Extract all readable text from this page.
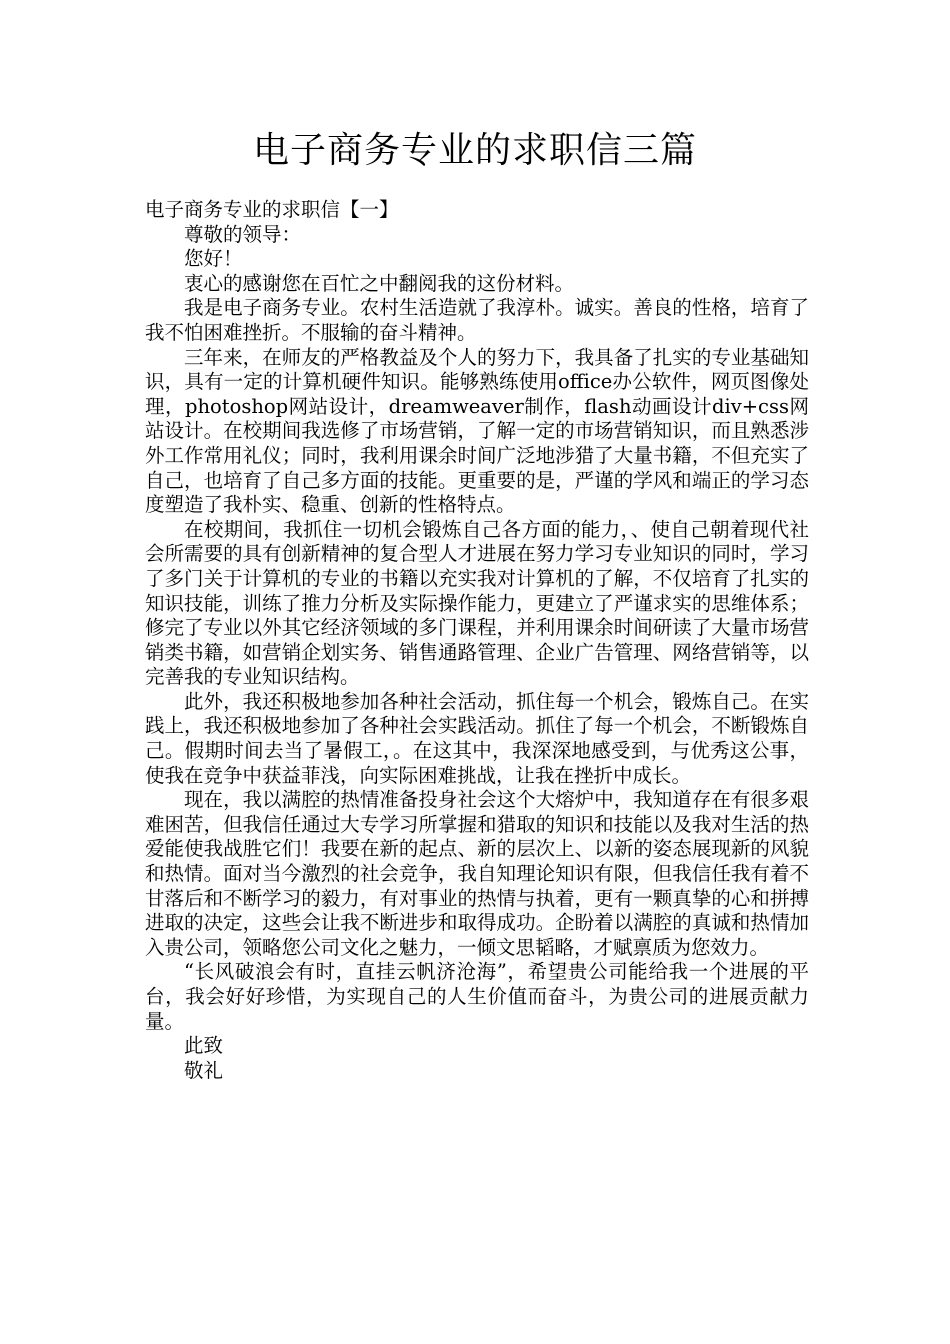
电子商务专业的求职信三篇

电子商务专业的求职信【一】

尊敬的领导：

您好！

衷心的感谢您在百忙之中翻阅我的这份材料。

我是电子商务专业。农村生活造就了我淳朴。诚实。善良的性格，培育了我不怕困难挫折。不服输的奋斗精神。

三年来，在师友的严格教益及个人的努力下，我具备了扎实的专业基础知识，具有一定的计算机硬件知识。能够熟练使用office办公软件，网页图像处理，photoshop网站设计，dreamweaver制作，flash动画设计div+css网站设计。在校期间我选修了市场营销，了解一定的市场营销知识，而且熟悉涉外工作常用礼仪；同时，我利用课余时间广泛地涉猎了大量书籍，不但充实了自己，也培育了自己多方面的技能。更重要的是，严谨的学风和端正的学习态度塑造了我朴实、稳重、创新的性格特点。

在校期间，我抓住一切机会锻炼自己各方面的能力，、使自己朝着现代社会所需要的具有创新精神的复合型人才进展在努力学习专业知识的同时，学习了多门关于计算机的专业的书籍以充实我对计算机的了解，不仅培育了扎实的知识技能，训练了推力分析及实际操作能力，更建立了严谨求实的思维体系；修完了专业以外其它经济领域的多门课程，并利用课余时间研读了大量市场营销类书籍，如营销企划实务、销售通路管理、企业广告管理、网络营销等，以完善我的专业知识结构。

此外，我还积极地参加各种社会活动，抓住每一个机会，锻炼自己。在实践上，我还积极地参加了各种社会实践活动。抓住了每一个机会，不断锻炼自己。假期时间去当了暑假工，。在这其中，我深深地感受到，与优秀这公事，使我在竞争中获益菲浅，向实际困难挑战，让我在挫折中成长。

现在，我以满腔的热情准备投身社会这个大熔炉中，我知道存在有很多艰难困苦，但我信任通过大专学习所掌握和猎取的知识和技能以及我对生活的热爱能使我战胜它们！我要在新的起点、新的层次上、以新的姿态展现新的风貌和热情。面对当今激烈的社会竞争，我自知理论知识有限，但我信任我有着不甘落后和不断学习的毅力，有对事业的热情与执着，更有一颗真挚的心和拼搏进取的决定，这些会让我不断进步和取得成功。企盼着以满腔的真诚和热情加入贵公司，领略您公司文化之魅力，一倾文思韬略，才赋禀质为您效力。

“长风破浪会有时，直挂云帆济沧海”，希望贵公司能给我一个进展的平台，我会好好珍惜，为实现自己的人生价值而奋斗，为贵公司的进展贡献力量。

此致

敬礼
